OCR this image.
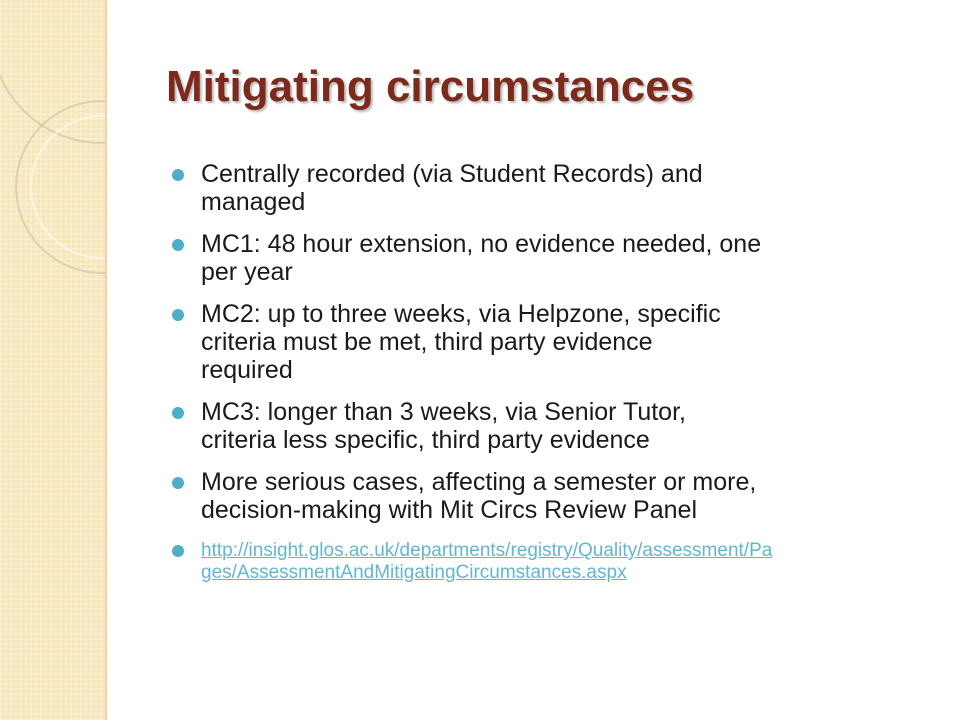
Mitigating circumstances
Centrally recorded (via Student Records) and
managed
MC1: 48 hour extension, no evidence needed, one
per year
MC2: up to three weeks, via Helpzone, specific
criteria must be met, third party evidence
required
MC3: longer than 3 weeks, via Senior Tutor,
criteria less specific, third party evidence
More serious cases, affecting a semester or more,
decision-making with Mit Circs Review Panel
http://insight.glos.ac.uk/departments/registry/Quality/assessment/Pa
ges/AssessmentAndMitigatingCircumstances.aspx
